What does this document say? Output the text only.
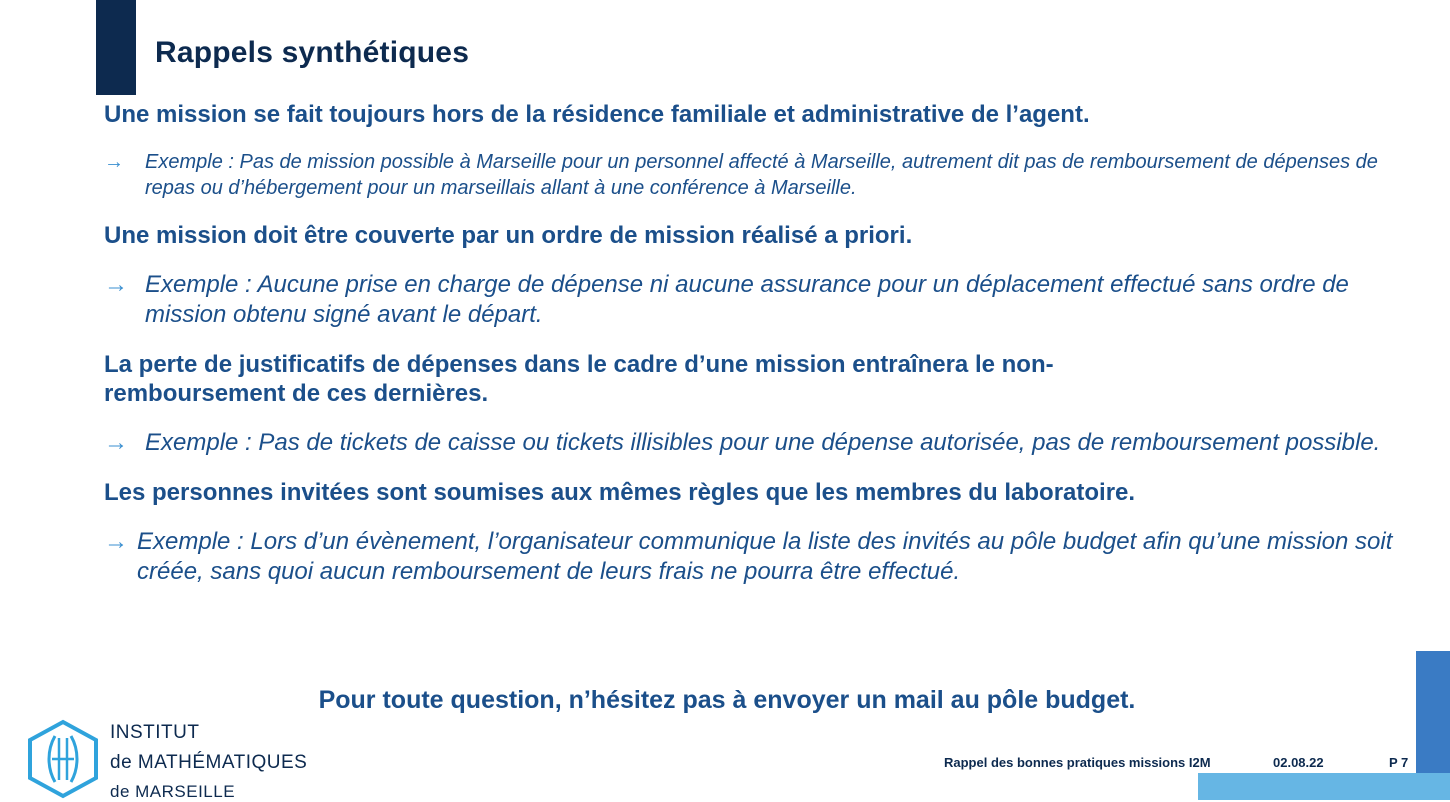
Rappels synthétiques

Une mission se fait toujours hors de la résidence familiale et administrative de l’agent.

→ Exemple : Pas de mission possible à Marseille pour un personnel affecté à Marseille, autrement dit pas de remboursement de dépenses de repas ou d’hébergement pour un marseillais allant à une conférence à Marseille.

Une mission doit être couverte par un ordre de mission réalisé a priori.

→ Exemple : Aucune prise en charge de dépense ni aucune assurance pour un déplacement effectué sans ordre de mission obtenu signé avant le départ.

La perte de justificatifs de dépenses dans le cadre d’une mission entraînera le non-remboursement de ces dernières.

→ Exemple : Pas de tickets de caisse ou tickets illisibles pour une dépense autorisée, pas de remboursement possible.

Les personnes invitées sont soumises aux mêmes règles que les membres du laboratoire.

→ Exemple : Lors d’un évènement, l’organisateur communique la liste des invités au pôle budget afin qu’une mission soit créée, sans quoi aucun remboursement de leurs frais ne pourra être effectué.

Pour toute question, n’hésitez pas à envoyer un mail au pôle budget.

INSTITUT

de MATHÉMATIQUES

de MARSEILLE

Rappel des bonnes pratiques missions I2M	02.08.22	P 7
